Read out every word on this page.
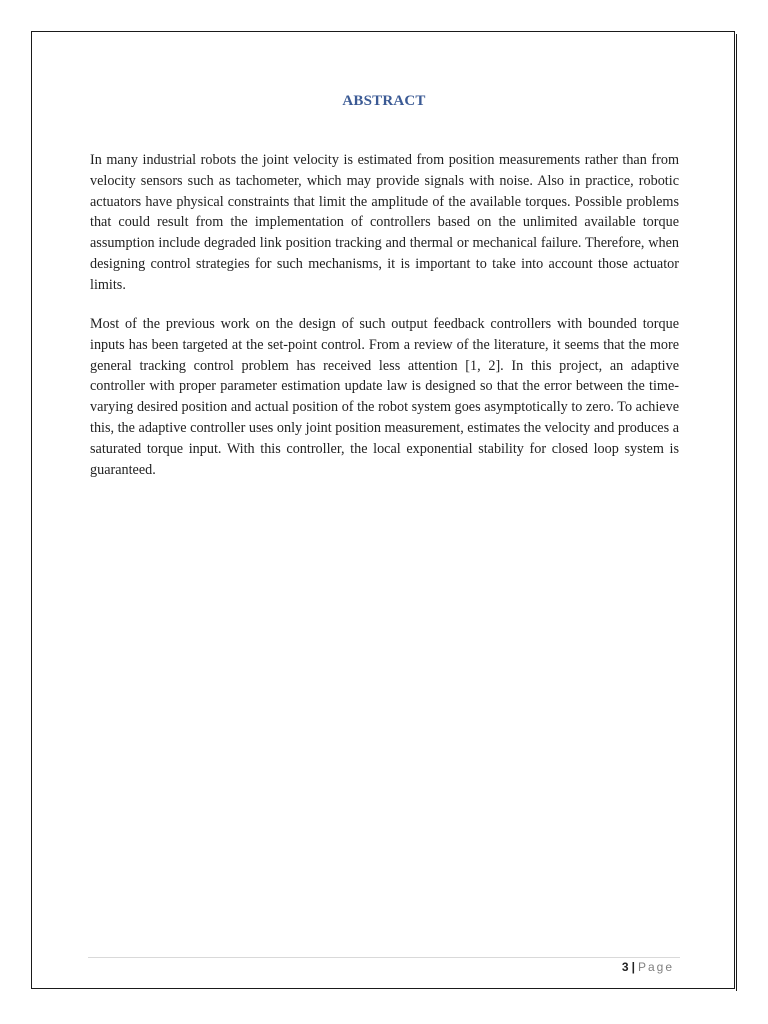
ABSTRACT

In many industrial robots the joint velocity is estimated from position measurements rather than from velocity sensors such as tachometer, which may provide signals with noise. Also in practice, robotic actuators have physical constraints that limit the amplitude of the available torques. Possible problems that could result from the implementation of controllers based on the unlimited available torque assumption include degraded link position tracking and thermal or mechanical failure. Therefore, when designing control strategies for such mechanisms, it is important to take into account those actuator limits.

Most of the previous work on the design of such output feedback controllers with bounded torque inputs has been targeted at the set-point control. From a review of the literature, it seems that the more general tracking control problem has received less attention [1, 2]. In this project, an adaptive controller with proper parameter estimation update law is designed so that the error between the time-varying desired position and actual position of the robot system goes asymptotically to zero. To achieve this, the adaptive controller uses only joint position measurement, estimates the velocity and produces a saturated torque input. With this controller, the local exponential stability for closed loop system is guaranteed.

3 | Page
